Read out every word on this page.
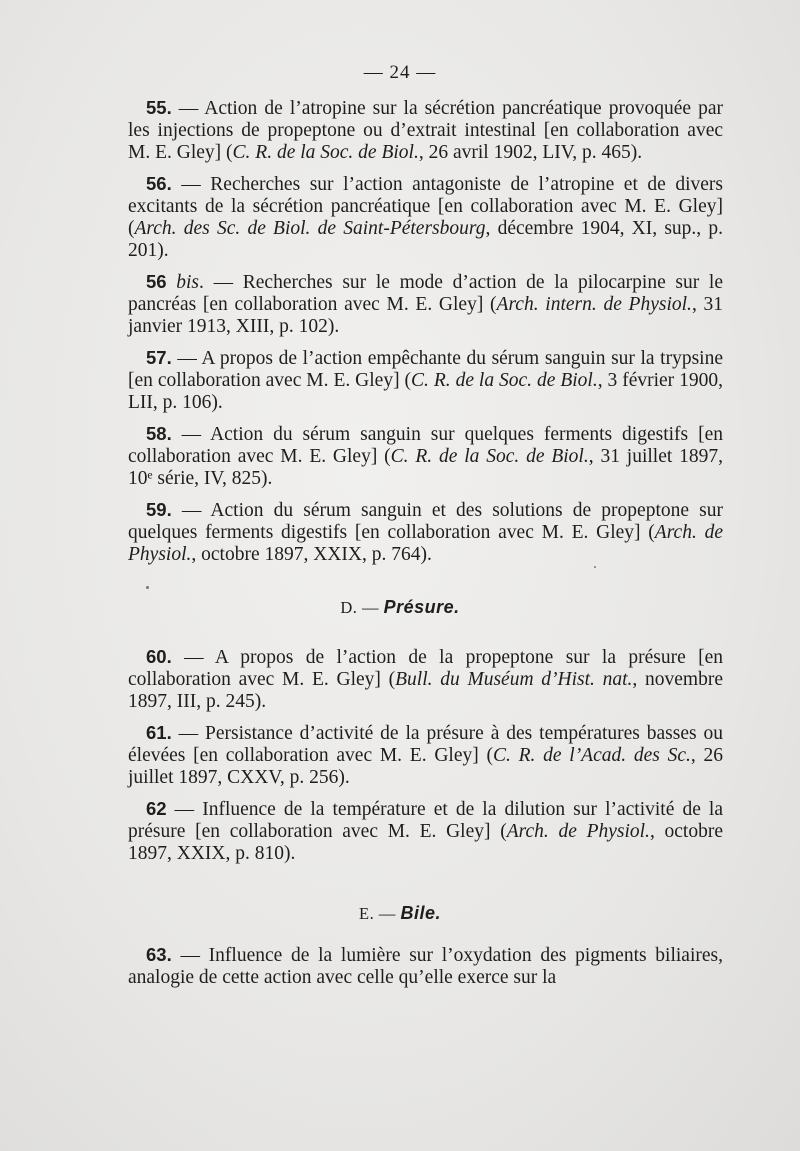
— 24 —

55. — Action de l’atropine sur la sécrétion pancréatique provoquée par les injections de propeptone ou d’extrait intestinal [en collaboration avec M. E. Gley] (C. R. de la Soc. de Biol., 26 avril 1902, LIV, p. 465).

56. — Recherches sur l’action antagoniste de l’atropine et de divers excitants de la sécrétion pancréatique [en collaboration avec M. E. Gley] (Arch. des Sc. de Biol. de Saint-Pétersbourg, décembre 1904, XI, sup., p. 201).

56 bis. — Recherches sur le mode d’action de la pilocarpine sur le pancréas [en collaboration avec M. E. Gley] (Arch. intern. de Physiol., 31 janvier 1913, XIII, p. 102).

57. — A propos de l’action empêchante du sérum sanguin sur la trypsine [en collaboration avec M. E. Gley] (C. R. de la Soc. de Biol., 3 février 1900, LII, p. 106).

58. — Action du sérum sanguin sur quelques ferments digestifs [en collaboration avec M. E. Gley] (C. R. de la Soc. de Biol., 31 juillet 1897, 10ᵉ série, IV, 825).

59. — Action du sérum sanguin et des solutions de propeptone sur quelques ferments digestifs [en collaboration avec M. E. Gley] (Arch. de Physiol., octobre 1897, XXIX, p. 764).

D. — Présure.

60. — A propos de l’action de la propeptone sur la présure [en collaboration avec M. E. Gley] (Bull. du Muséum d’Hist. nat., novembre 1897, III, p. 245).

61. — Persistance d’activité de la présure à des températures basses ou élevées [en collaboration avec M. E. Gley] (C. R. de l’Acad. des Sc., 26 juillet 1897, CXXV, p. 256).

62 — Influence de la température et de la dilution sur l’activité de la présure [en collaboration avec M. E. Gley] (Arch. de Physiol., octobre 1897, XXIX, p. 810).

E. — Bile.

63. — Influence de la lumière sur l’oxydation des pigments biliaires, analogie de cette action avec celle qu’elle exerce sur la
